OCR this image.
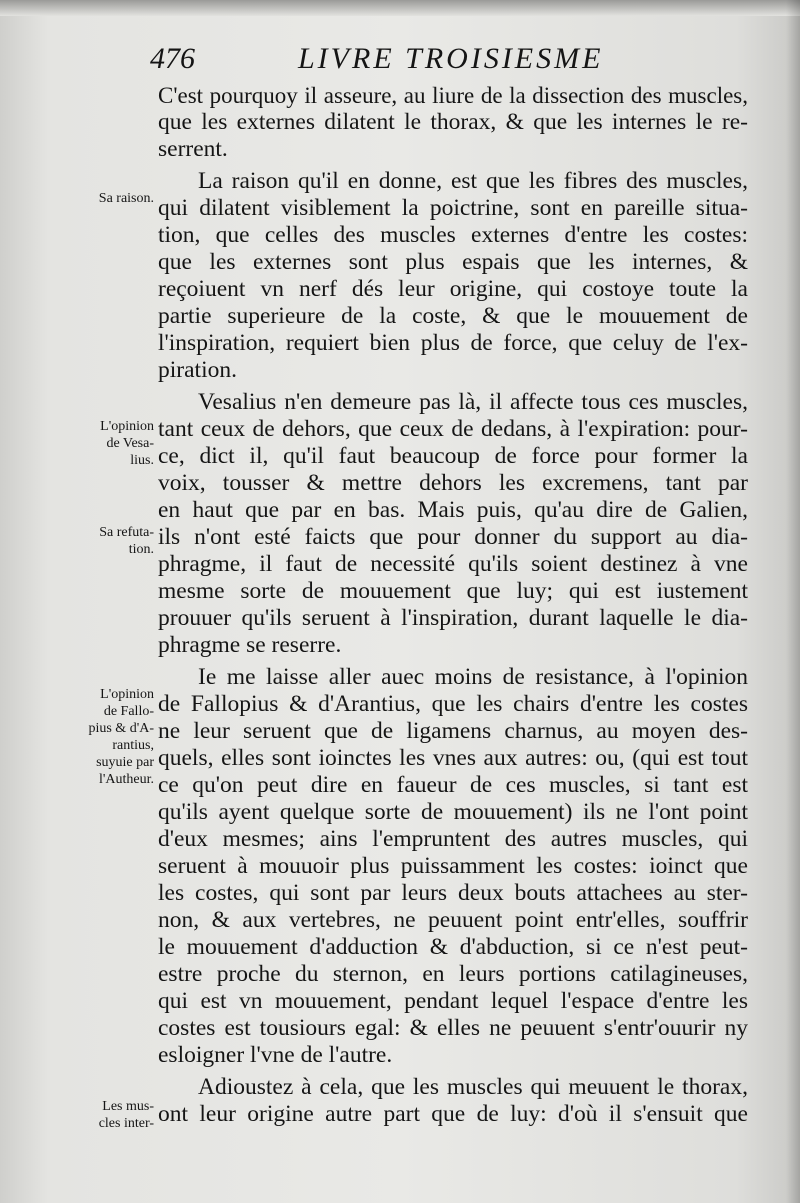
476	LIVRE TROISIESME
Sa raison.
L'opinion
de Vesa-
lius.
Sa refuta-
tion.
L'opinion
de Fallo-
pius & d'A-
rantius,
suyuie par
l'Autheur.
Les mus-
cles inter-
C'est pourquoy il asseure, au liure de la dissection des muscles,
que les externes dilatent le thorax, & que les internes le re-
serrent.
La raison qu'il en donne, est que les fibres des muscles,
qui dilatent visiblement la poictrine, sont en pareille situa-
tion, que celles des muscles externes d'entre les costes:
que les externes sont plus espais que les internes, &
reçoiuent vn nerf dés leur origine, qui costoye toute la
partie superieure de la coste, & que le mouuement de
l'inspiration, requiert bien plus de force, que celuy de l'ex-
piration.
Vesalius n'en demeure pas là, il affecte tous ces muscles,
tant ceux de dehors, que ceux de dedans, à l'expiration: pour-
ce, dict il, qu'il faut beaucoup de force pour former la
voix, tousser & mettre dehors les excremens, tant par
en haut que par en bas. Mais puis, qu'au dire de Galien,
ils n'ont esté faicts que pour donner du support au dia-
phragme, il faut de necessité qu'ils soient destinez à vne
mesme sorte de mouuement que luy; qui est iustement
prouuer qu'ils seruent à l'inspiration, durant laquelle le dia-
phragme se reserre.
Ie me laisse aller auec moins de resistance, à l'opinion
de Fallopius & d'Arantius, que les chairs d'entre les costes
ne leur seruent que de ligamens charnus, au moyen des-
quels, elles sont ioinctes les vnes aux autres: ou, (qui est tout
ce qu'on peut dire en faueur de ces muscles, si tant est
qu'ils ayent quelque sorte de mouuement) ils ne l'ont point
d'eux mesmes; ains l'empruntent des autres muscles, qui
seruent à mouuoir plus puissamment les costes: ioinct que
les costes, qui sont par leurs deux bouts attachees au ster-
non, & aux vertebres, ne peuuent point entr'elles, souffrir
le mouuement d'adduction & d'abduction, si ce n'est peut-
estre proche du sternon, en leurs portions catilagineuses,
qui est vn mouuement, pendant lequel l'espace d'entre les
costes est tousiours egal: & elles ne peuuent s'entr'ouurir ny
esloigner l'vne de l'autre.
Adioustez à cela, que les muscles qui meuuent le thorax,
ont leur origine autre part que de luy: d'où il s'ensuit que
